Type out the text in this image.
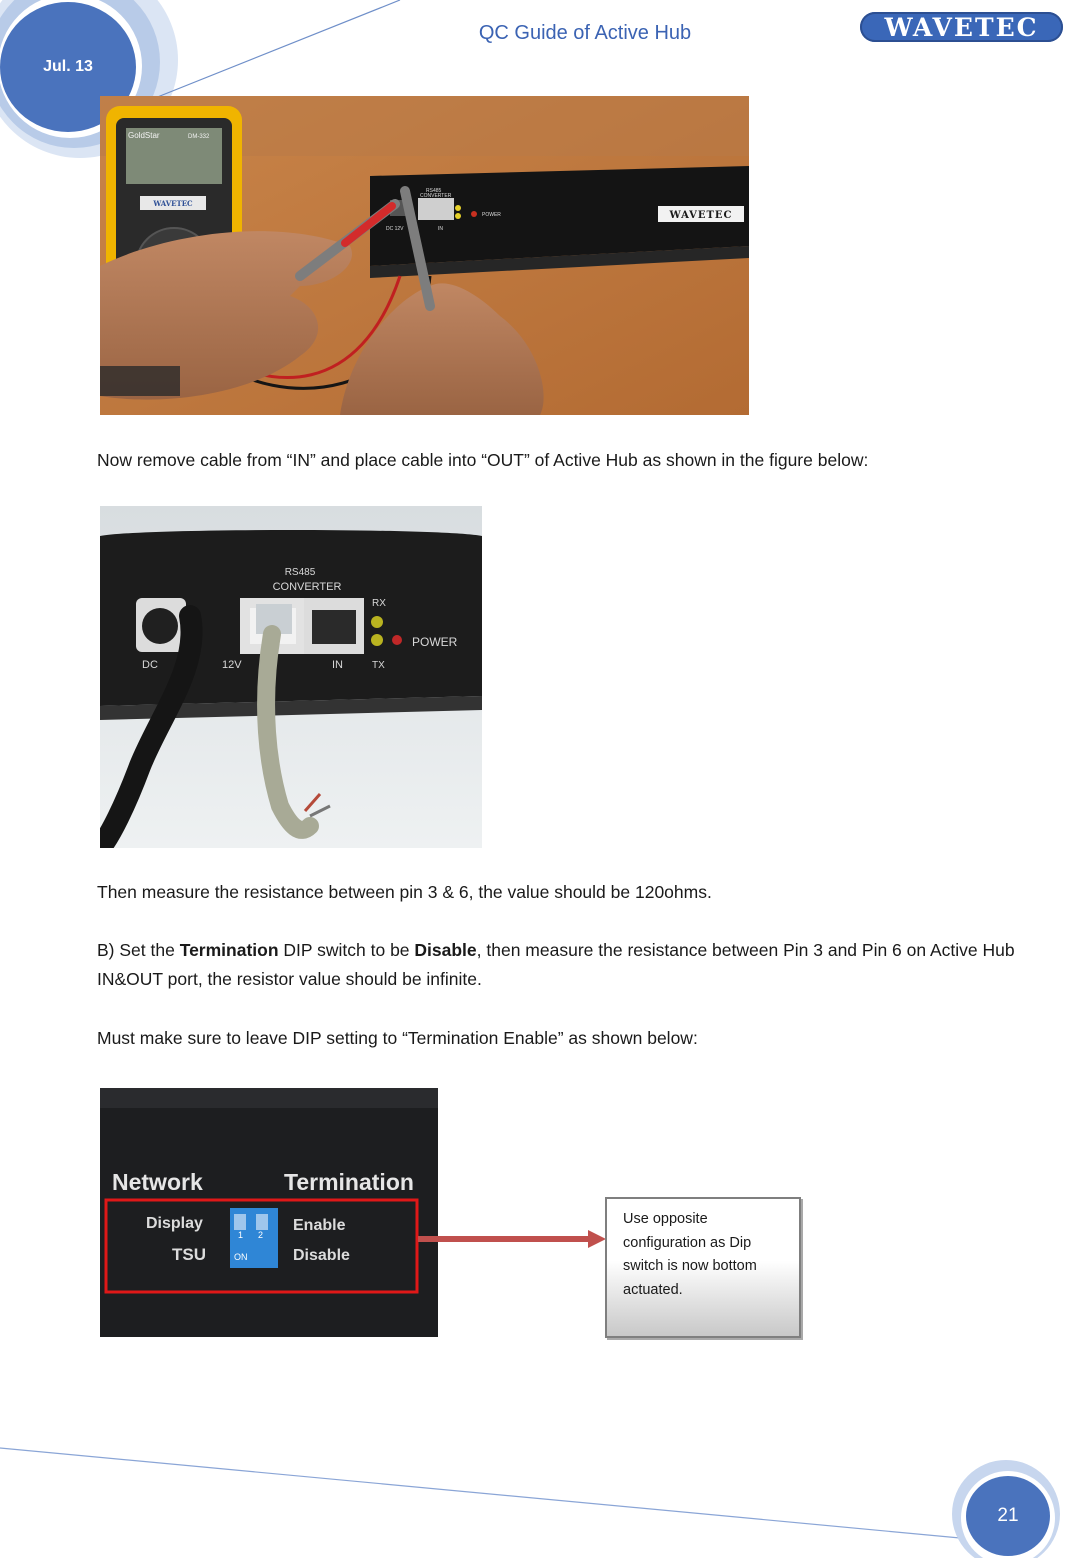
Jul. 13
QC Guide of Active Hub	WAVETEC
GoldStar	DM-332
WAVETEC
RS485
CONVERTER
POWER
DC 12V	IN
WAVETEC

Now remove cable from “IN” and place cable into “OUT” of Active Hub as shown in the figure below:

RS485
CONVERTER
RX
POWER
TX
DC	12V	IN

Then measure the resistance between pin 3 & 6, the value should be 120ohms.

B) Set the Termination DIP switch to be Disable, then measure the resistance between Pin 3 and Pin 6 on Active Hub IN&OUT port, the resistor value should be infinite.

Must make sure to leave DIP setting to “Termination Enable” as shown below:

Network	Termination
Display
TSU
Enable
Disable
1 2
ON
Use opposite configuration as Dip switch is now bottom actuated.
21
